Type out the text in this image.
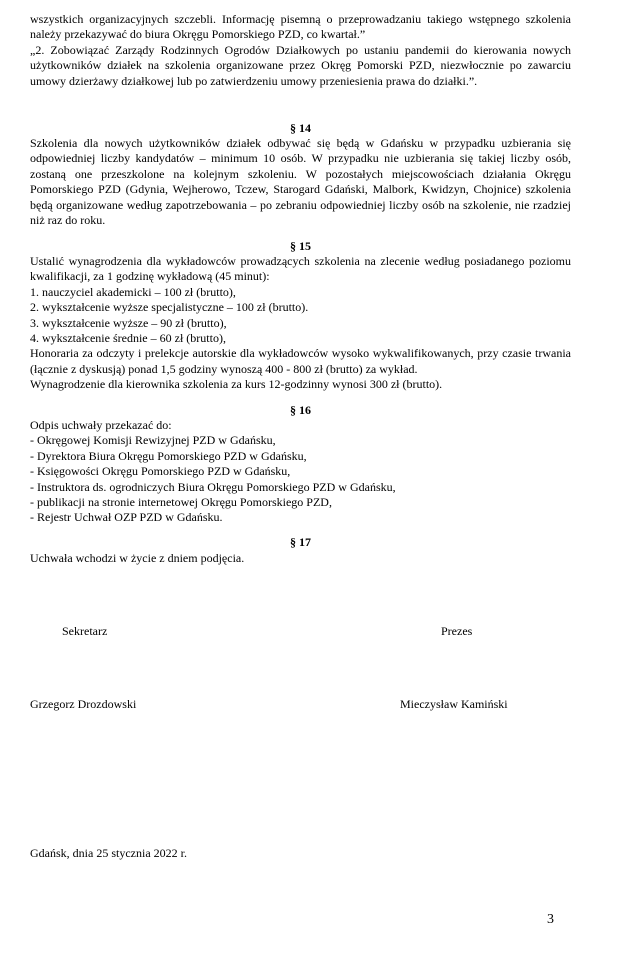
wszystkich organizacyjnych szczebli. Informację pisemną o przeprowadzaniu takiego wstępnego szkolenia należy przekazywać do biura Okręgu Pomorskiego PZD, co kwartał.”

„2. Zobowiązać Zarządy Rodzinnych Ogrodów Działkowych po ustaniu pandemii do kierowania nowych użytkowników działek na szkolenia organizowane przez Okręg Pomorski PZD, niezwłocznie po zawarciu umowy dzierżawy działkowej lub po zatwierdzeniu umowy przeniesienia prawa do działki.”.

§ 14

Szkolenia dla nowych użytkowników działek odbywać się będą w Gdańsku w przypadku uzbierania się odpowiedniej liczby kandydatów – minimum 10 osób. W przypadku nie uzbierania się takiej liczby osób, zostaną one przeszkolone na kolejnym szkoleniu. W pozostałych miejscowościach działania Okręgu Pomorskiego PZD (Gdynia, Wejherowo, Tczew, Starogard Gdański, Malbork, Kwidzyn, Chojnice) szkolenia będą organizowane według zapotrzebowania – po zebraniu odpowiedniej liczby osób na szkolenie, nie rzadziej niż raz do roku.

§ 15

Ustalić wynagrodzenia dla wykładowców prowadzących szkolenia na zlecenie według posiadanego poziomu kwalifikacji, za 1 godzinę wykładową (45 minut):

1. nauczyciel akademicki – 100 zł (brutto),

2. wykształcenie wyższe specjalistyczne – 100 zł (brutto).

3. wykształcenie wyższe – 90 zł (brutto),

4. wykształcenie średnie – 60 zł (brutto),

Honoraria za odczyty i prelekcje autorskie dla wykładowców wysoko wykwalifikowanych, przy czasie trwania (łącznie z dyskusją) ponad 1,5 godziny wynoszą 400 - 800 zł (brutto) za wykład.

Wynagrodzenie dla kierownika szkolenia za kurs 12-godzinny wynosi 300 zł (brutto).

§ 16

Odpis uchwały przekazać do:

- Okręgowej Komisji Rewizyjnej PZD w Gdańsku,

- Dyrektora Biura Okręgu Pomorskiego PZD w Gdańsku,

- Księgowości Okręgu Pomorskiego PZD w Gdańsku,

- Instruktora ds. ogrodniczych Biura Okręgu Pomorskiego PZD w Gdańsku,

- publikacji na stronie internetowej Okręgu Pomorskiego PZD,

- Rejestr Uchwał OZP PZD w Gdańsku.

§ 17

Uchwała wchodzi w życie z dniem podjęcia.

Sekretarz	Prezes

Grzegorz Drozdowski	Mieczysław Kamiński

Gdańsk, dnia 25 stycznia 2022 r.

3
